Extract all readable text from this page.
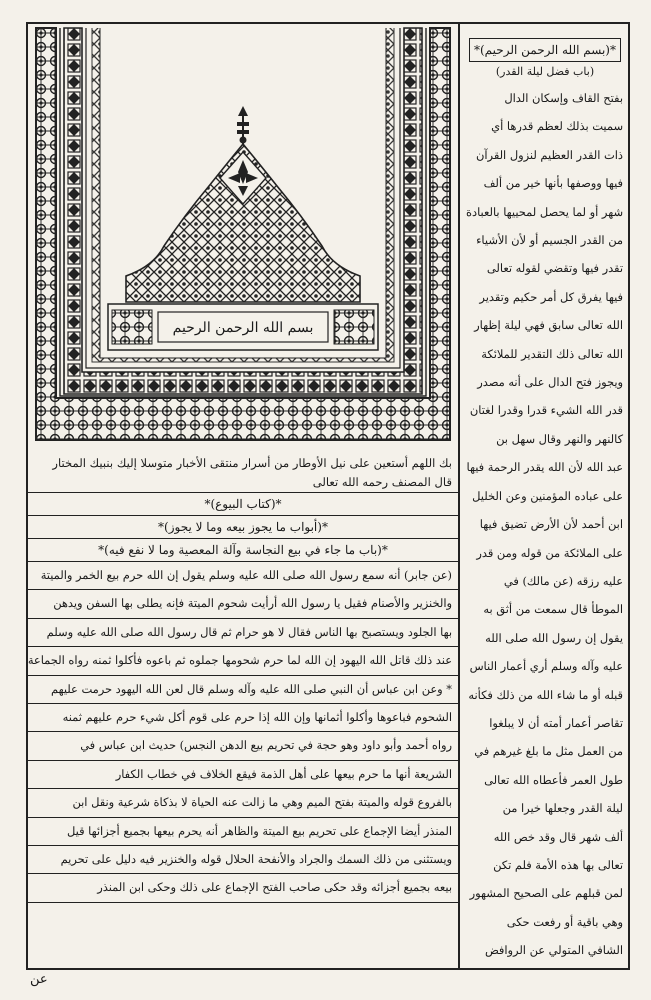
*(بسم الله الرحمن الرحيم)*
(باب فضل ليلة القدر)
بفتح القاف وإسكان الدال
سميت بذلك لعظم قدرها أي
ذات القدر العظيم لنزول القرآن
فيها ووصفها بأنها خير من ألف
شهر أو لما يحصل لمحييها بالعبادة
من القدر الجسيم أو لأن الأشياء
تقدر فيها وتقضي لقوله تعالى
فيها يفرق كل أمر حكيم وتقدير
الله تعالى سابق فهي ليلة إظهار
الله تعالى ذلك التقدير للملائكة
ويجوز فتح الدال على أنه مصدر
قدر الله الشيء قدرا وقدرا لغتان
كالنهر والنهر وقال سهل بن
عبد الله لأن الله يقدر الرحمة فيها
على عباده المؤمنين وعن الخليل
ابن أحمد لأن الأرض تضيق فيها
على الملائكة من قوله ومن قدر
عليه رزقه (عن مالك) في
الموطأ قال سمعت من أثق به
يقول إن رسول الله صلى الله
عليه وآله وسلم أري أعمار الناس
قبله أو ما شاء الله من ذلك فكأنه
تقاصر أعمار أمته أن لا يبلغوا
من العمل مثل ما بلغ غيرهم في
طول العمر فأعطاه الله تعالى
ليلة القدر وجعلها خيرا من
ألف شهر قال وقد خص الله
تعالى بها هذه الأمة فلم تكن
لمن قبلهم على الصحيح المشهور
وهي باقية أو رفعت حكى
الشافي المتولي عن الروافض
بسم الله الرحمن الرحيم
بك اللهم أستعين على نيل الأوطار من أسرار منتقى الأخبار متوسلا إليك بنبيك المختار
قال المصنف رحمه الله تعالى
*(كتاب البيوع)*
*(أبواب ما يجوز بيعه وما لا يجوز)*
*(باب ما جاء في بيع النجاسة وآلة المعصية وما لا نفع فيه)*
(عن جابر) أنه سمع رسول الله صلى الله عليه وسلم يقول إن الله حرم بيع الخمر والميتة
والخنزير والأصنام فقيل يا رسول الله أرأيت شحوم الميتة فإنه يطلى بها السفن ويدهن
بها الجلود ويستصبح بها الناس فقال لا هو حرام ثم قال رسول الله صلى الله عليه وسلم
عند ذلك قاتل الله اليهود إن الله لما حرم شحومها جملوه ثم باعوه فأكلوا ثمنه رواه الجماعة
* وعن ابن عباس أن النبي صلى الله عليه وآله وسلم قال لعن الله اليهود حرمت عليهم
الشحوم فباعوها وأكلوا أثمانها وإن الله إذا حرم على قوم أكل شيء حرم عليهم ثمنه
رواه أحمد وأبو داود وهو حجة في تحريم بيع الدهن النجس) حديث ابن عباس في
الشريعة أنها ما حرم بيعها على أهل الذمة فيقع الخلاف في خطاب الكفار
بالفروع قوله والميتة بفتح الميم وهي ما زالت عنه الحياة لا بذكاة شرعية ونقل ابن
المنذر أيضا الإجماع على تحريم بيع الميتة والظاهر أنه يحرم بيعها بجميع أجزائها قيل
ويستثنى من ذلك السمك والجراد والأنفحة الحلال قوله والخنزير فيه دليل على تحريم
بيعه بجميع أجزائه وقد حكى صاحب الفتح الإجماع على ذلك وحكى ابن المنذر
عن
